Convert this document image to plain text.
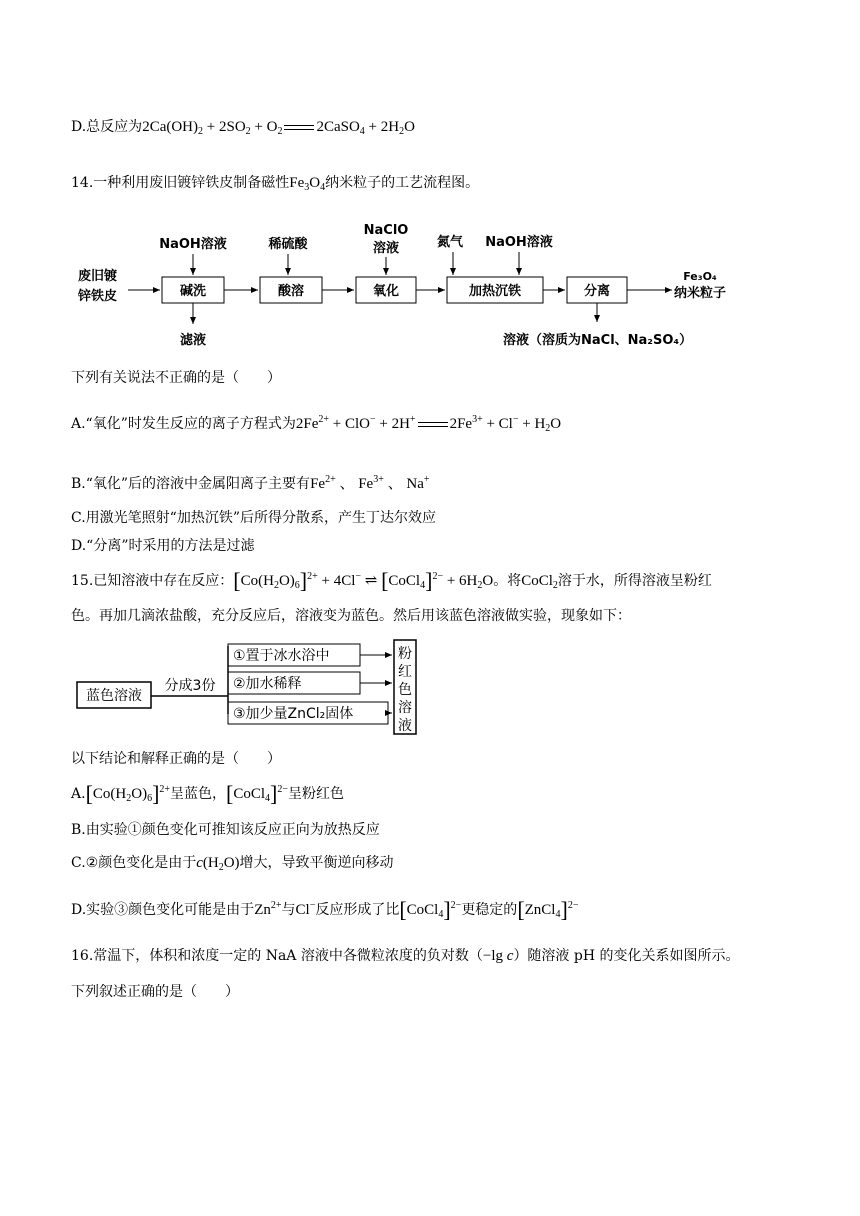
D.总反应为$2Ca(OH)_2 + 2SO_2 + O_2$ 2CaSO$_4$ + $2H_2O$
14.一种利用废旧镀锌铁皮制备磁性$Fe_3O_4$纳米粒子的工艺流程图。
废旧镀
锌铁皮	碱洗
NaOH溶液
滤液
酸溶
稀硫酸
氧化
NaClO
溶液
加热沉铁
氮气 NaOH溶液
分离
溶液（溶质为NaCl、Na₂SO₄）
Fe₃O₄
纳米粒子
下列有关说法不正确的是（　　）
A.“氧化”时发生反应的离子方程式为$2Fe^{2+} + ClO^- + 2H^+$ $2Fe^{3+} + Cl^- + H_2O$
B.“氧化”后的溶液中金属阳离子主要有$Fe^{2+}$ 、 $Fe^{3+}$ 、 Na+
C.用激光笔照射“加热沉铁”后所得分散系，产生丁达尔效应
D.“分离”时采用的方法是过滤
15.已知溶液中存在反应：$[Co(H_2O)_6]^{2+} + 4Cl^-$ ⇌ [CoCl$_4$]$^{2-}$ + $6H_2O$。将CoCl$_2$溶于水，所得溶液呈粉红
色。再加几滴浓盐酸，充分反应后，溶液变为蓝色。然后用该蓝色溶液做实验，现象如下：
蓝色溶液
分成3份
①置于冰水浴中
②加水稀释
③加少量ZnCl₂固体
粉
红
色
溶
液
以下结论和解释正确的是（　　）
$A.[Co(H_2O)_6]^{2+}$呈蓝色，[CoCl$_4$]$^{2-}$呈粉红色
B.由实验①颜色变化可推知该反应正向为放热反应
C.②颜色变化是由于$c(H_2O)$增大，导致平衡逆向移动
D.实验③颜色变化可能是由于$Zn^{2+}$与Cl−反应形成了比[CoCl$_4$]$^{2-}$更稳定的[ZnCl$_4$]$^{2-}$
16.常温下，体积和浓度一定的 NaA 溶液中各微粒浓度的负对数（−lg c）随溶液 pH 的变化关系如图所示。
下列叙述正确的是（　　）
